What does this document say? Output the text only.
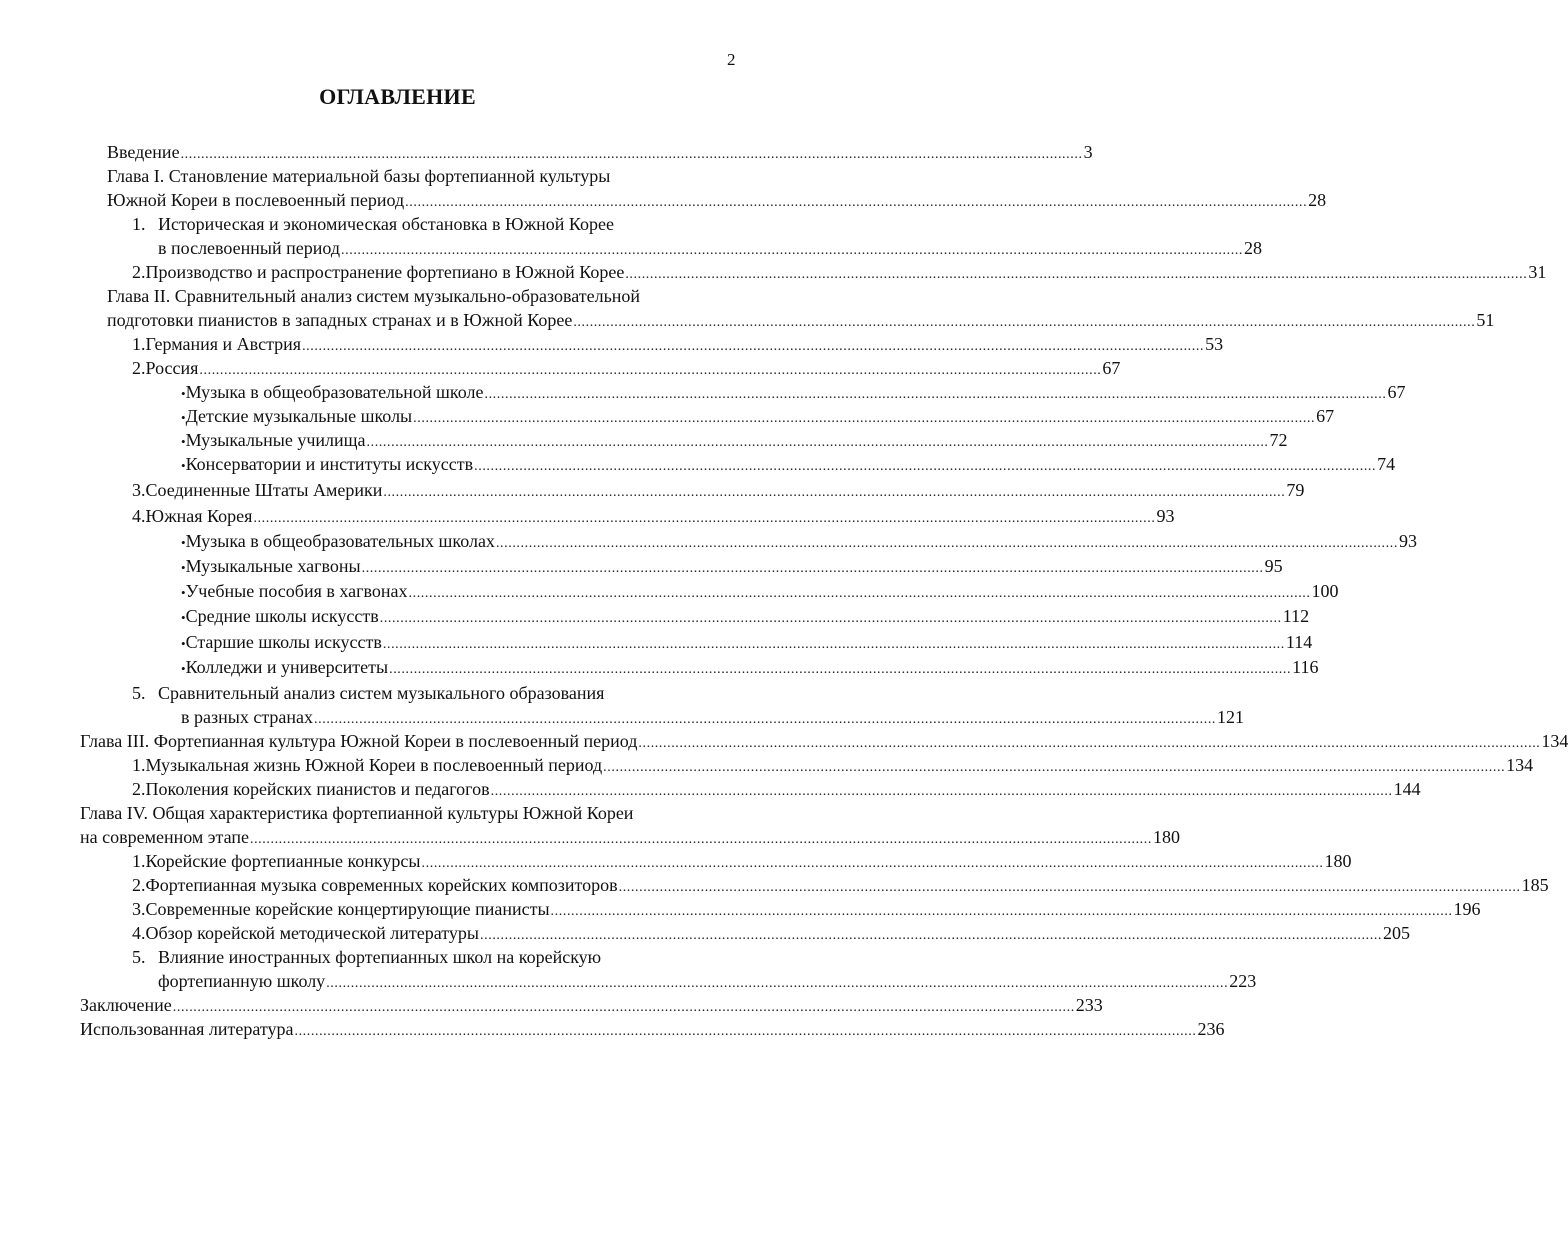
2
ОГЛАВЛЕНИЕ
Введение ............................................................................................................................................................................................................................ 3
Глава I. Становление материальной базы фортепианной культуры
Южной Кореи в послевоенный период ............................................................................................................................................................................................................................ 28
1. Историческая и экономическая обстановка в Южной Корее
в послевоенный период ............................................................................................................................................................................................................................ 28
2. Производство и распространение фортепиано в Южной Корее ............................................................................................................................................................................................................................ 31
Глава II. Сравнительный анализ систем музыкально-образовательной
подготовки пианистов в западных странах и в Южной Корее ............................................................................................................................................................................................................................ 51
1. Германия и Австрия ............................................................................................................................................................................................................................ 53
2. Россия ............................................................................................................................................................................................................................ 67
• Музыка в общеобразовательной школе ............................................................................................................................................................................................................................ 67
• Детские музыкальные школы ............................................................................................................................................................................................................................ 67
• Музыкальные училища ............................................................................................................................................................................................................................ 72
• Консерватории и институты искусств ............................................................................................................................................................................................................................ 74
3. Соединенные Штаты Америки ............................................................................................................................................................................................................................ 79
4. Южная Корея ............................................................................................................................................................................................................................ 93
• Музыка в общеобразовательных школах ............................................................................................................................................................................................................................ 93
• Музыкальные хагвоны ............................................................................................................................................................................................................................ 95
• Учебные пособия в хагвонах ............................................................................................................................................................................................................................ 100
• Средние школы искусств ............................................................................................................................................................................................................................ 112
• Старшие школы искусств ............................................................................................................................................................................................................................ 114
• Колледжи и университеты ............................................................................................................................................................................................................................ 116
5. Сравнительный анализ систем музыкального образования
в разных странах ............................................................................................................................................................................................................................ 121
Глава III. Фортепианная культура Южной Кореи в послевоенный период ............................................................................................................................................................................................................................ 134
1. Музыкальная жизнь Южной Кореи в послевоенный период ............................................................................................................................................................................................................................ 134
2. Поколения корейских пианистов и педагогов ............................................................................................................................................................................................................................ 144
Глава IV. Общая характеристика фортепианной культуры Южной Кореи
на современном этапе ............................................................................................................................................................................................................................ 180
1. Корейские фортепианные конкурсы ............................................................................................................................................................................................................................ 180
2. Фортепианная музыка современных корейских композиторов ............................................................................................................................................................................................................................ 185
3. Современные корейские концертирующие пианисты ............................................................................................................................................................................................................................ 196
4. Обзор корейской методической литературы ............................................................................................................................................................................................................................ 205
5. Влияние иностранных фортепианных школ на корейскую
фортепианную школу ............................................................................................................................................................................................................................ 223
Заключение ............................................................................................................................................................................................................................ 233
Использованная литература ............................................................................................................................................................................................................................ 236
